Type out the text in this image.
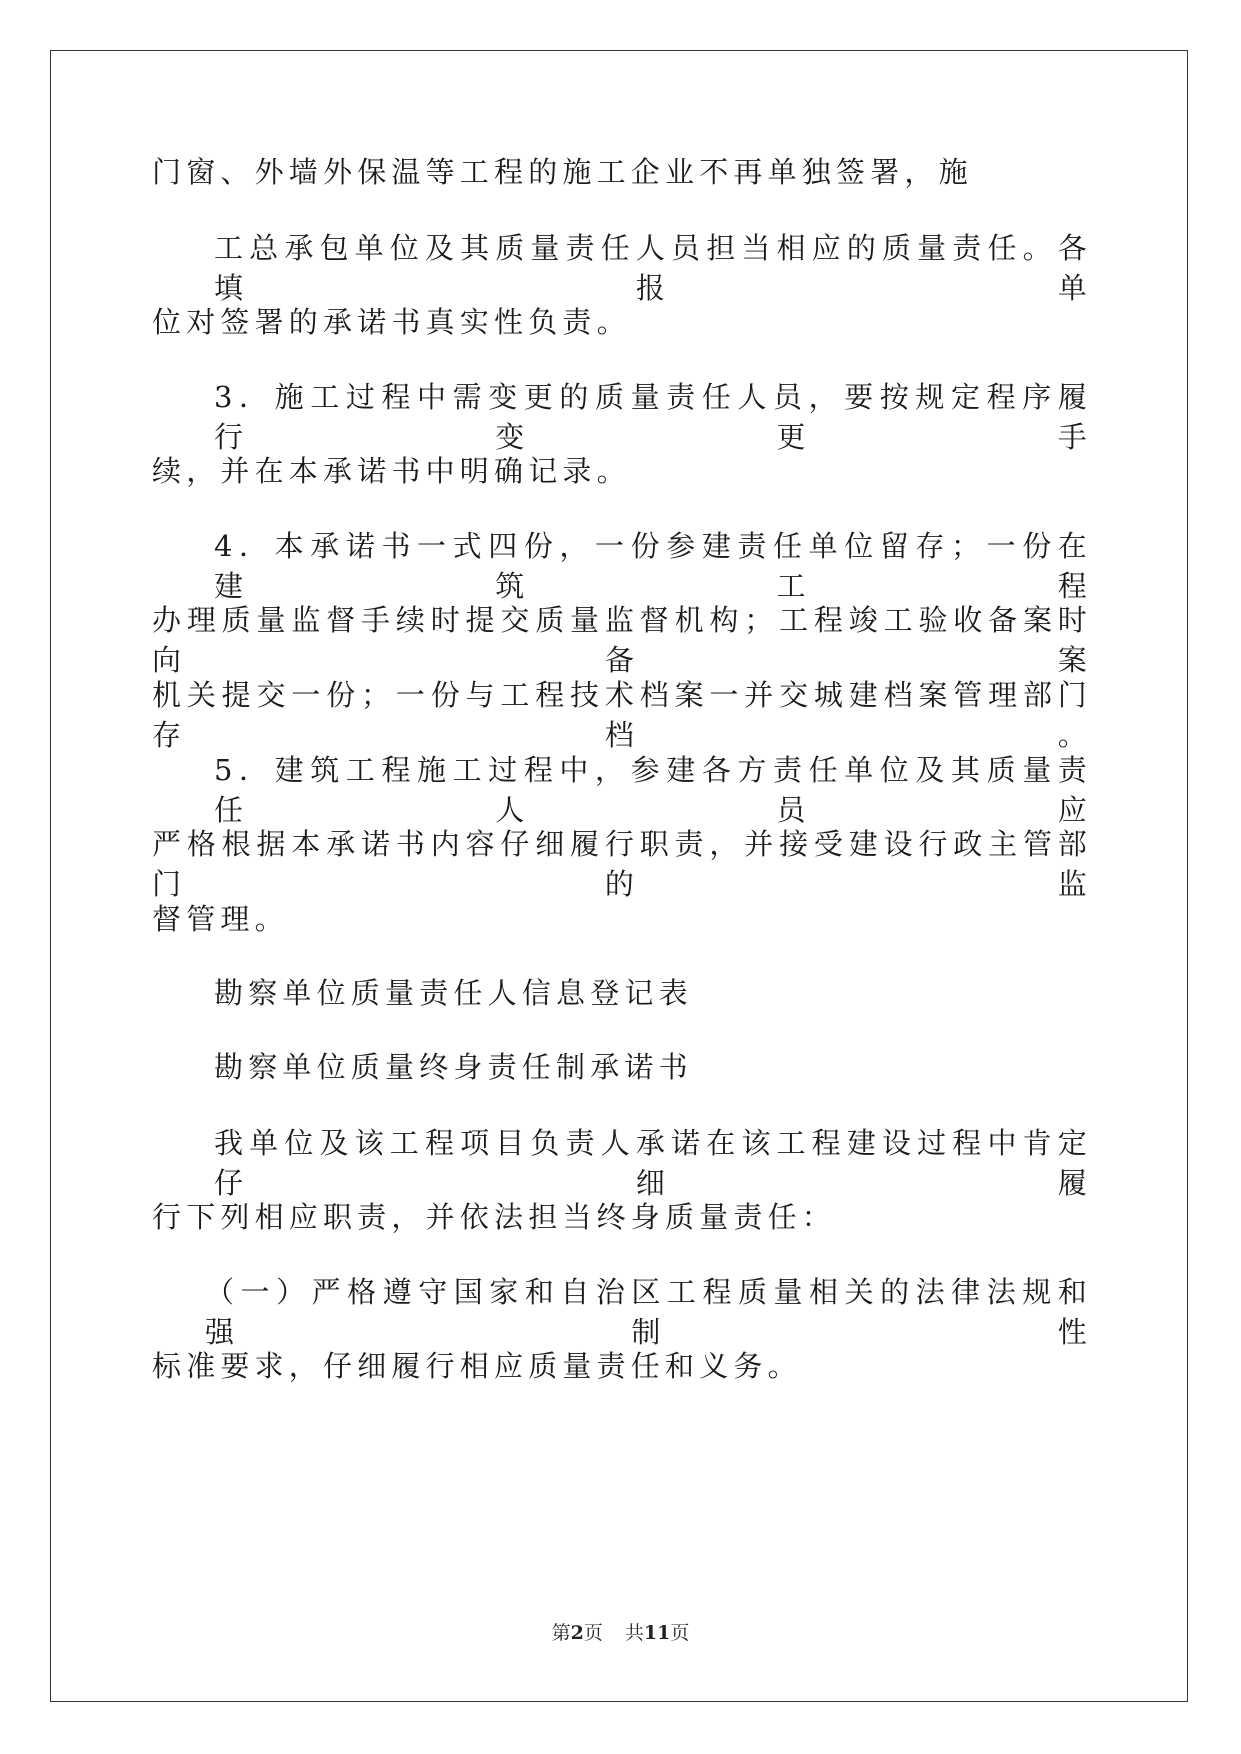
门窗、外墙外保温等工程的施工企业不再单独签署，施
工总承包单位及其质量责任人员担当相应的质量责任。各填报单
位对签署的承诺书真实性负责。
3．施工过程中需变更的质量责任人员，要按规定程序履行变更手
续，并在本承诺书中明确记录。
4．本承诺书一式四份，一份参建责任单位留存；一份在建筑工程
办理质量监督手续时提交质量监督机构；工程竣工验收备案时向备案
机关提交一份；一份与工程技术档案一并交城建档案管理部门存档。
5．建筑工程施工过程中，参建各方责任单位及其质量责任人员应
严格根据本承诺书内容仔细履行职责，并接受建设行政主管部门的监
督管理。
勘察单位质量责任人信息登记表
勘察单位质量终身责任制承诺书
我单位及该工程项目负责人承诺在该工程建设过程中肯定仔细履
行下列相应职责，并依法担当终身质量责任：
（一）严格遵守国家和自治区工程质量相关的法律法规和强制性
标准要求，仔细履行相应质量责任和义务。
第2页 共11页
